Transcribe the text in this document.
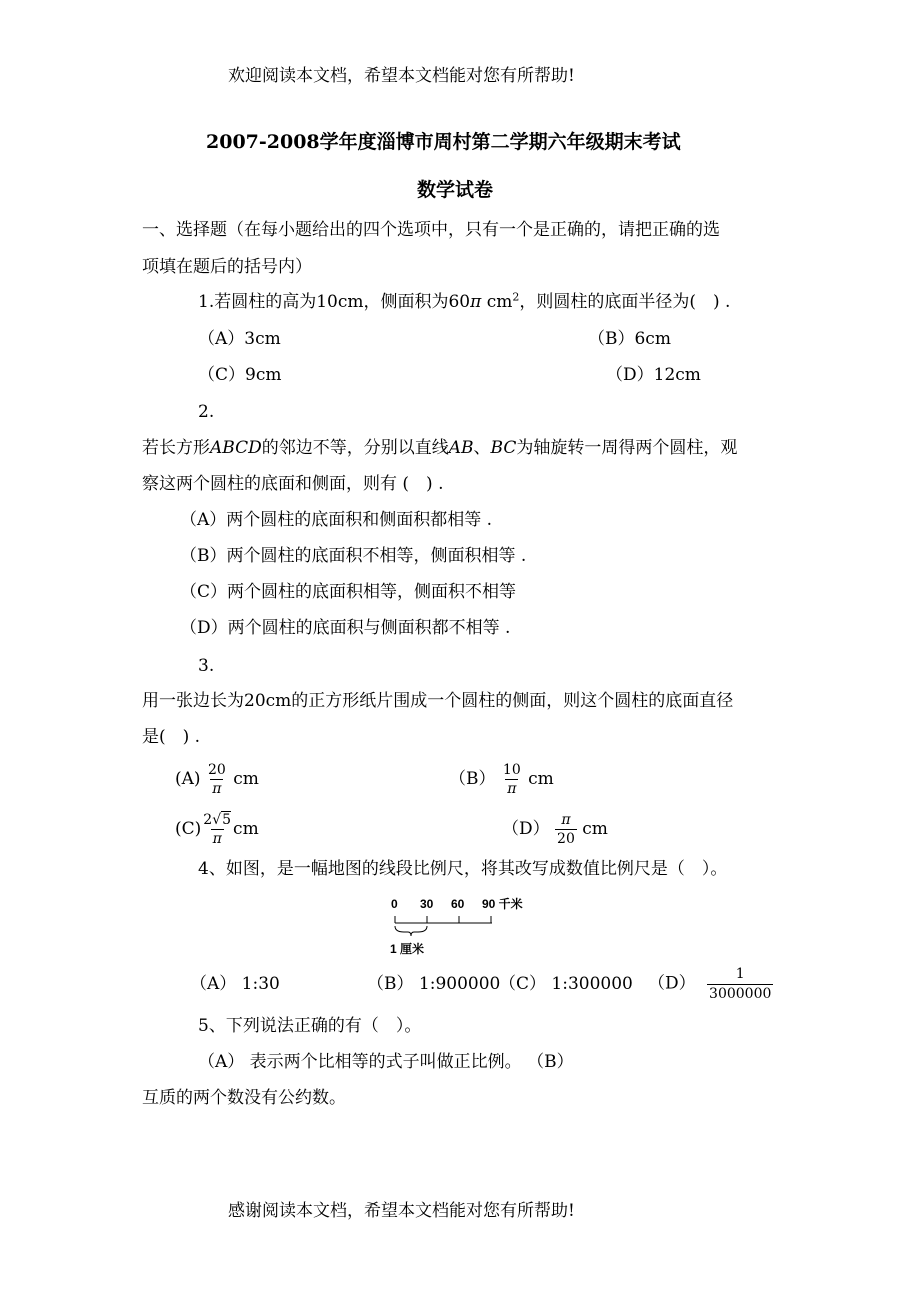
欢迎阅读本文档，希望本文档能对您有所帮助!
2007-2008学年度淄博市周村第二学期六年级期末考试
数学试卷
一、选择题（在每小题给出的四个选项中，只有一个是正确的，请把正确的选
项填在题后的括号内）
1.若圆柱的高为10cm，侧面积为60π $cm^2$，则圆柱的底面半径为(　) .
（A）3cm	（B）6cm
（C）9cm	（D）12cm
2.
若长方形ABCD的邻边不等，分别以直线AB、BC为轴旋转一周得两个圆柱，观
察这两个圆柱的底面和侧面，则有 (　) .
（A）两个圆柱的底面积和侧面积都相等 .
（B）两个圆柱的底面积不相等，侧面积相等 .
（C）两个圆柱的底面积相等，侧面积不相等
（D）两个圆柱的底面积与侧面积都不相等 .
3.
用一张边长为20cm的正方形纸片围成一个圆柱的侧面，则这个圆柱的底面直径
是(　) .
$(A) \frac{20}{\pi}$ cm	$(B) \frac{10}{\pi}$ cm
$(C) \frac{2√5}{\pi}$ cm	$(D) \frac{\pi}{20}$ cm
4、如图，是一幅地图的线段比例尺，将其改写成数值比例尺是（　）。
0 30 60 90 千米
1 厘米
（A） 1:30	（B） 1:900000
（C） 1:300000 $(D) \frac{1}{3000000}$
5、下列说法正确的有（　）。
（A） 表示两个比相等的式子叫做正比例。 （B）
互质的两个数没有公约数。
感谢阅读本文档，希望本文档能对您有所帮助!
